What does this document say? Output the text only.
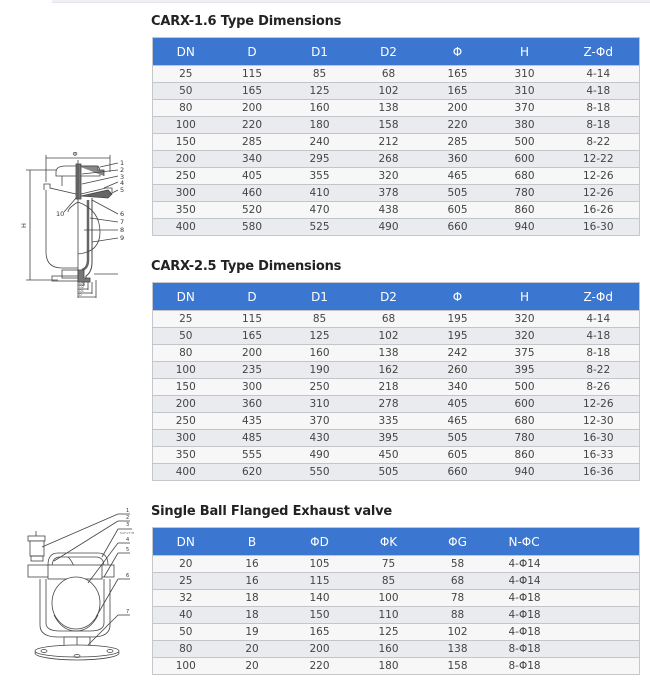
CARX-1.6 Type Dimensions
DN	D	D1	D2	Φ	H	Z-Φd
25	115	85	68	165	310	4-14
50	165	125	102	165	310	4-18
80	200	160	138	200	370	8-18
100	220	180	158	220	380	8-18
150	285	240	212	285	500	8-22
200	340	295	268	360	600	12-22
250	405	355	320	465	680	12-26
300	460	410	378	505	780	12-26
350	520	470	438	605	860	16-26
400	580	525	490	660	940	16-30
CARX-2.5 Type Dimensions
DN	D	D1	D2	Φ	H	Z-Φd
25	115	85	68	195	320	4-14
50	165	125	102	195	320	4-18
80	200	160	138	242	375	8-18
100	235	190	162	260	395	8-22
150	300	250	218	340	500	8-26
200	360	310	278	405	600	12-26
250	435	370	335	465	680	12-30
300	485	430	395	505	780	16-30
350	555	490	450	605	860	16-33
400	620	550	505	660	940	16-36
Single Ball Flanged Exhaust valve
DN	B	ΦD	ΦK	ΦG	N-ΦC	
20	16	105	75	58	4-Φ14	
25	16	115	85	68	4-Φ14	
32	18	140	100	78	4-Φ18	
40	18	150	110	88	4-Φ18	
50	19	165	125	102	4-Φ18	
80	20	200	160	138	8-Φ18	
100	20	220	180	158	8-Φ18	
Φ
H
1
2
3
4
5
6
7
8
9
10
DN
D2
D1
D
1
2
3
4
5
6
7
S×F×T M
